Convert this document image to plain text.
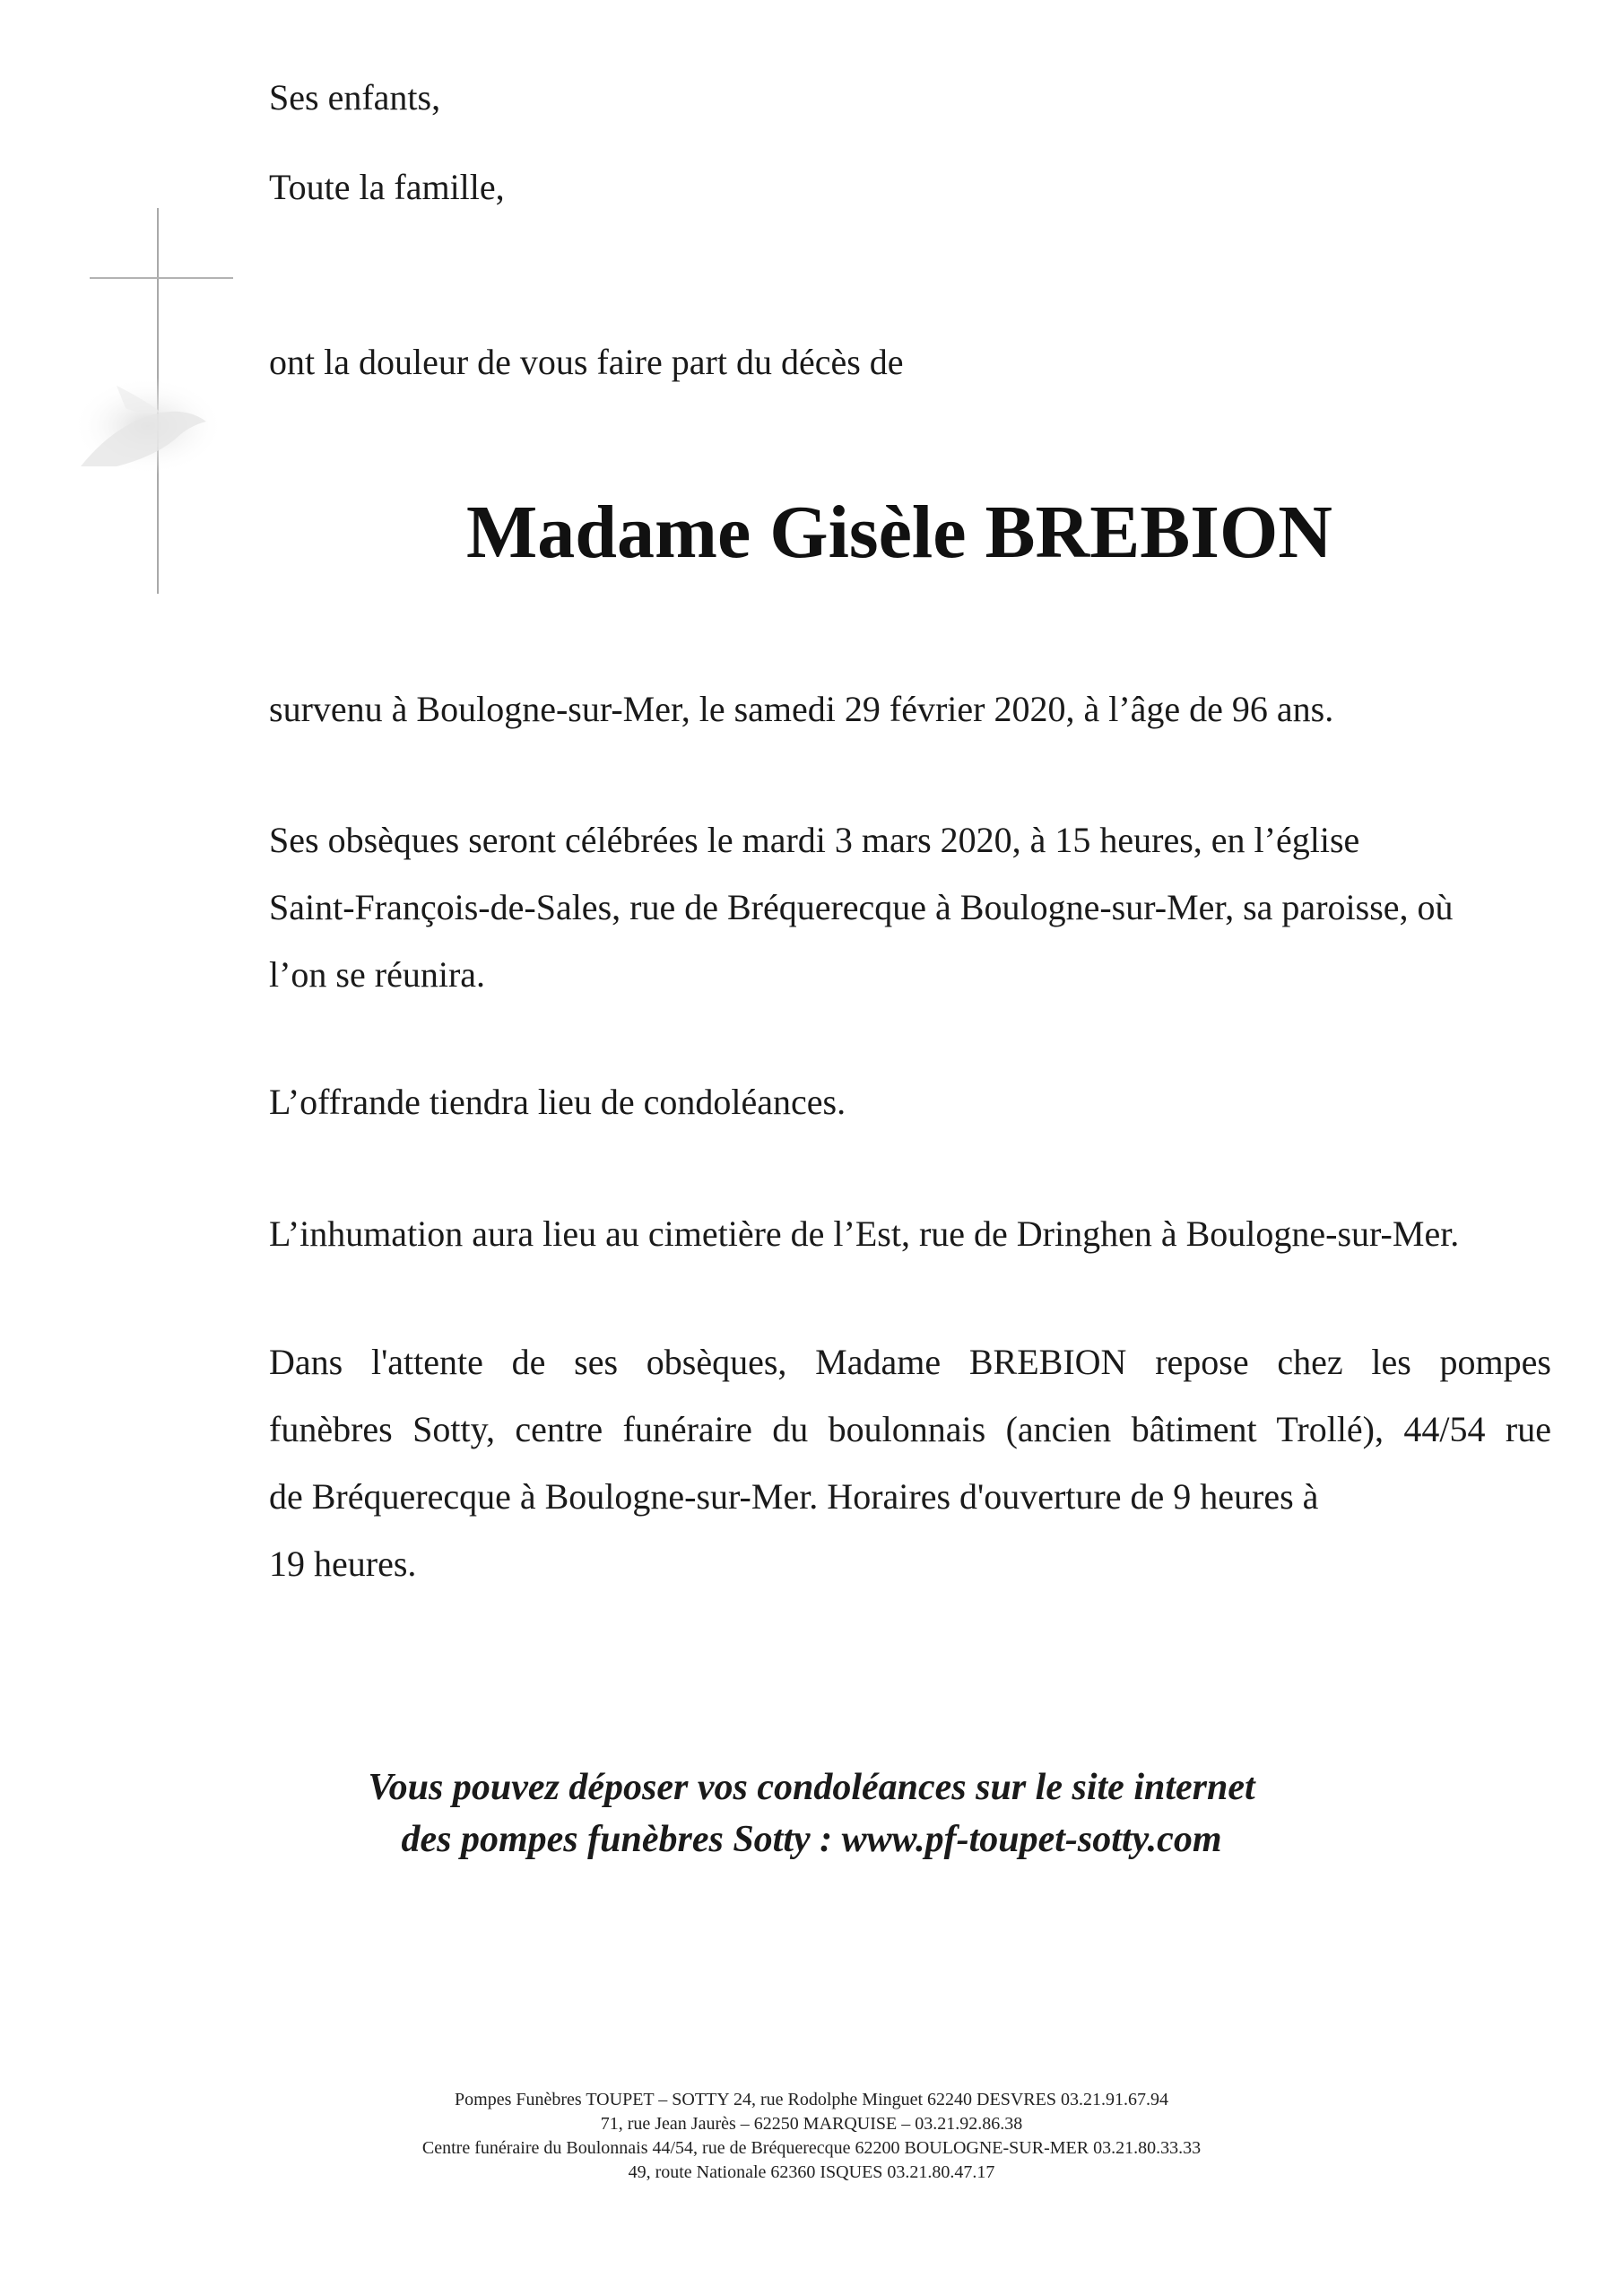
Ses enfants,
Toute la famille,
ont la douleur de vous faire part du décès de
Madame Gisèle BREBION
survenu à Boulogne-sur-Mer, le samedi 29 février 2020, à l’âge de 96 ans.
Ses obsèques seront célébrées le mardi 3 mars 2020, à 15 heures, en l’église
Saint-François-de-Sales, rue de Bréquerecque à Boulogne-sur-Mer, sa paroisse, où
l’on se réunira.
L’offrande tiendra lieu de condoléances.
L’inhumation aura lieu au cimetière de l’Est, rue de Dringhen à Boulogne-sur-Mer.
Dans l'attente de ses obsèques, Madame BREBION repose chez les pompes
funèbres Sotty, centre funéraire du boulonnais (ancien bâtiment Trollé), 44/54 rue
de Bréquerecque à Boulogne-sur-Mer. Horaires d'ouverture de 9 heures à
19 heures.
Vous pouvez déposer vos condoléances sur le site internet
des pompes funèbres Sotty : www.pf-toupet-sotty.com
Pompes Funèbres TOUPET – SOTTY 24, rue Rodolphe Minguet 62240 DESVRES 03.21.91.67.94
71, rue Jean Jaurès – 62250 MARQUISE – 03.21.92.86.38
Centre funéraire du Boulonnais 44/54, rue de Bréquerecque 62200 BOULOGNE-SUR-MER 03.21.80.33.33
49, route Nationale 62360 ISQUES 03.21.80.47.17
